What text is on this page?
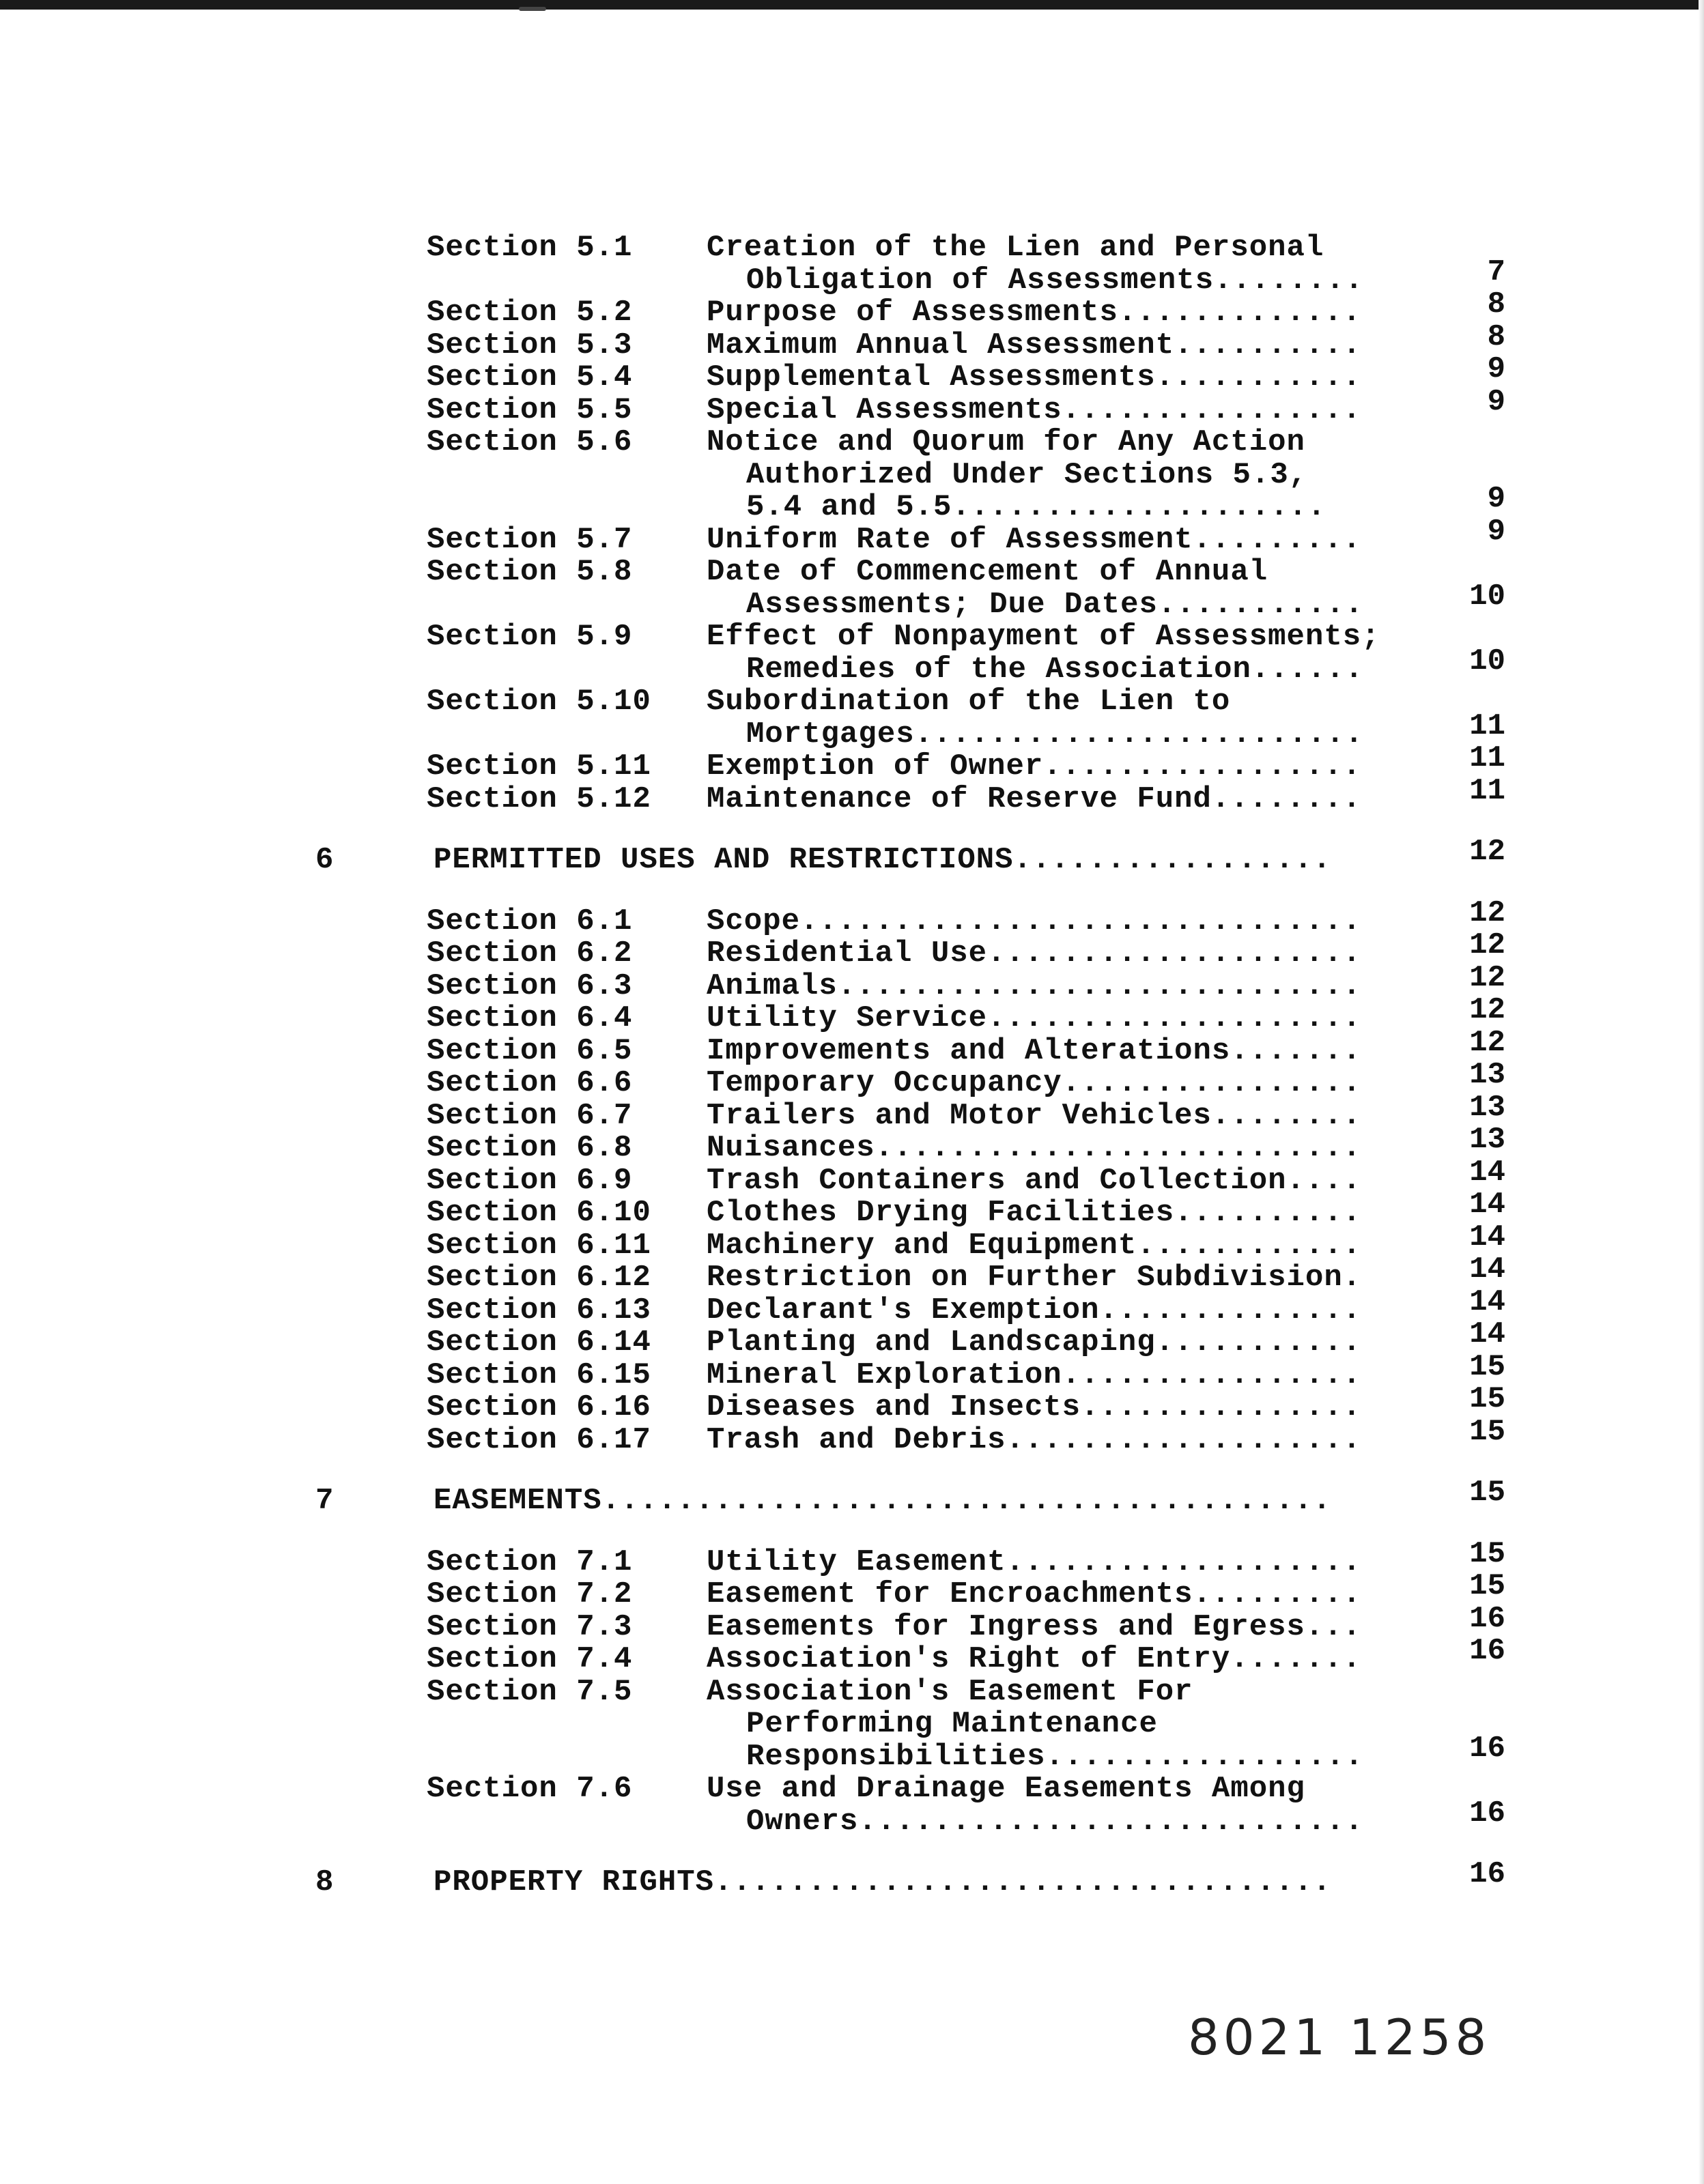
Section 5.1 Creation of the Lien and Personal
Obligation of Assessments........	7
Section 5.2 Purpose of Assessments.............	8
Section 5.3 Maximum Annual Assessment..........	8
Section 5.4 Supplemental Assessments...........	9
Section 5.5 Special Assessments................	9
Section 5.6 Notice and Quorum for Any Action
Authorized Under Sections 5.3,
5.4 and 5.5....................	9
Section 5.7 Uniform Rate of Assessment.........	9
Section 5.8 Date of Commencement of Annual
Assessments; Due Dates...........	10
Section 5.9 Effect of Nonpayment of Assessments;
Remedies of the Association......	10
Section 5.10 Subordination of the Lien to
Mortgages........................	11
Section 5.11 Exemption of Owner.................	11
Section 5.12 Maintenance of Reserve Fund........	11
6	PERMITTED USES AND RESTRICTIONS.................	12
Section 6.1 Scope..............................	12
Section 6.2 Residential Use....................	12
Section 6.3 Animals............................	12
Section 6.4 Utility Service....................	12
Section 6.5 Improvements and Alterations.......	12
Section 6.6 Temporary Occupancy................	13
Section 6.7 Trailers and Motor Vehicles........	13
Section 6.8 Nuisances..........................	13
Section 6.9 Trash Containers and Collection....	14
Section 6.10 Clothes Drying Facilities..........	14
Section 6.11 Machinery and Equipment............	14
Section 6.12 Restriction on Further Subdivision.	14
Section 6.13 Declarant's Exemption..............	14
Section 6.14 Planting and Landscaping...........	14
Section 6.15 Mineral Exploration................	15
Section 6.16 Diseases and Insects...............	15
Section 6.17 Trash and Debris...................	15
7	EASEMENTS.......................................	15
Section 7.1 Utility Easement...................	15
Section 7.2 Easement for Encroachments.........	15
Section 7.3 Easements for Ingress and Egress...	16
Section 7.4 Association's Right of Entry.......	16
Section 7.5 Association's Easement For
Performing Maintenance
Responsibilities.................	16
Section 7.6 Use and Drainage Easements Among
Owners...........................	16
8	PROPERTY RIGHTS.................................	16
8021 1258
